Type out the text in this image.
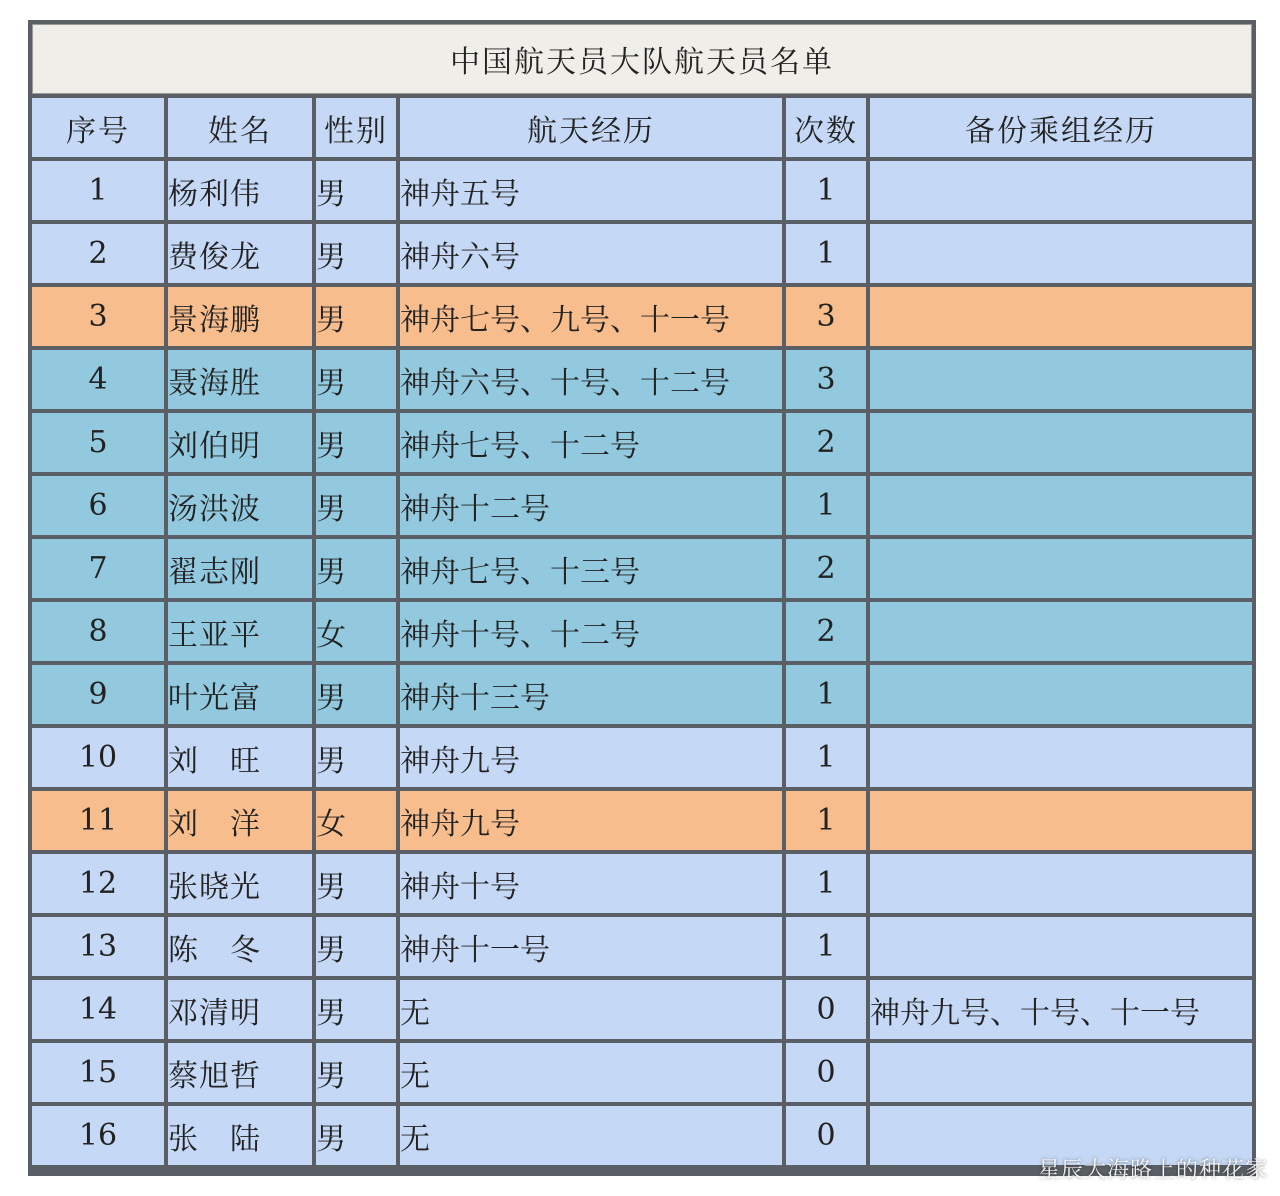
中国航天员大队航天员名单
序号	姓名	性别	航天经历	次数	备份乘组经历
1	杨利伟	男	神舟五号	1	
2	费俊龙	男	神舟六号	1	
3	景海鹏	男	神舟七号、九号、十一号	3	
4	聂海胜	男	神舟六号、十号、十二号	3	
5	刘伯明	男	神舟七号、十二号	2	
6	汤洪波	男	神舟十二号	1	
7	翟志刚	男	神舟七号、十三号	2	
8	王亚平	女	神舟十号、十二号	2	
9	叶光富	男	神舟十三号	1	
10	刘　旺	男	神舟九号	1	
11	刘　洋	女	神舟九号	1	
12	张晓光	男	神舟十号	1	
13	陈　冬	男	神舟十一号	1	
14	邓清明	男	无	0	神舟九号、十号、十一号
15	蔡旭哲	男	无	0	
16	张　陆	男	无	0	
星辰大海路上的种花家
